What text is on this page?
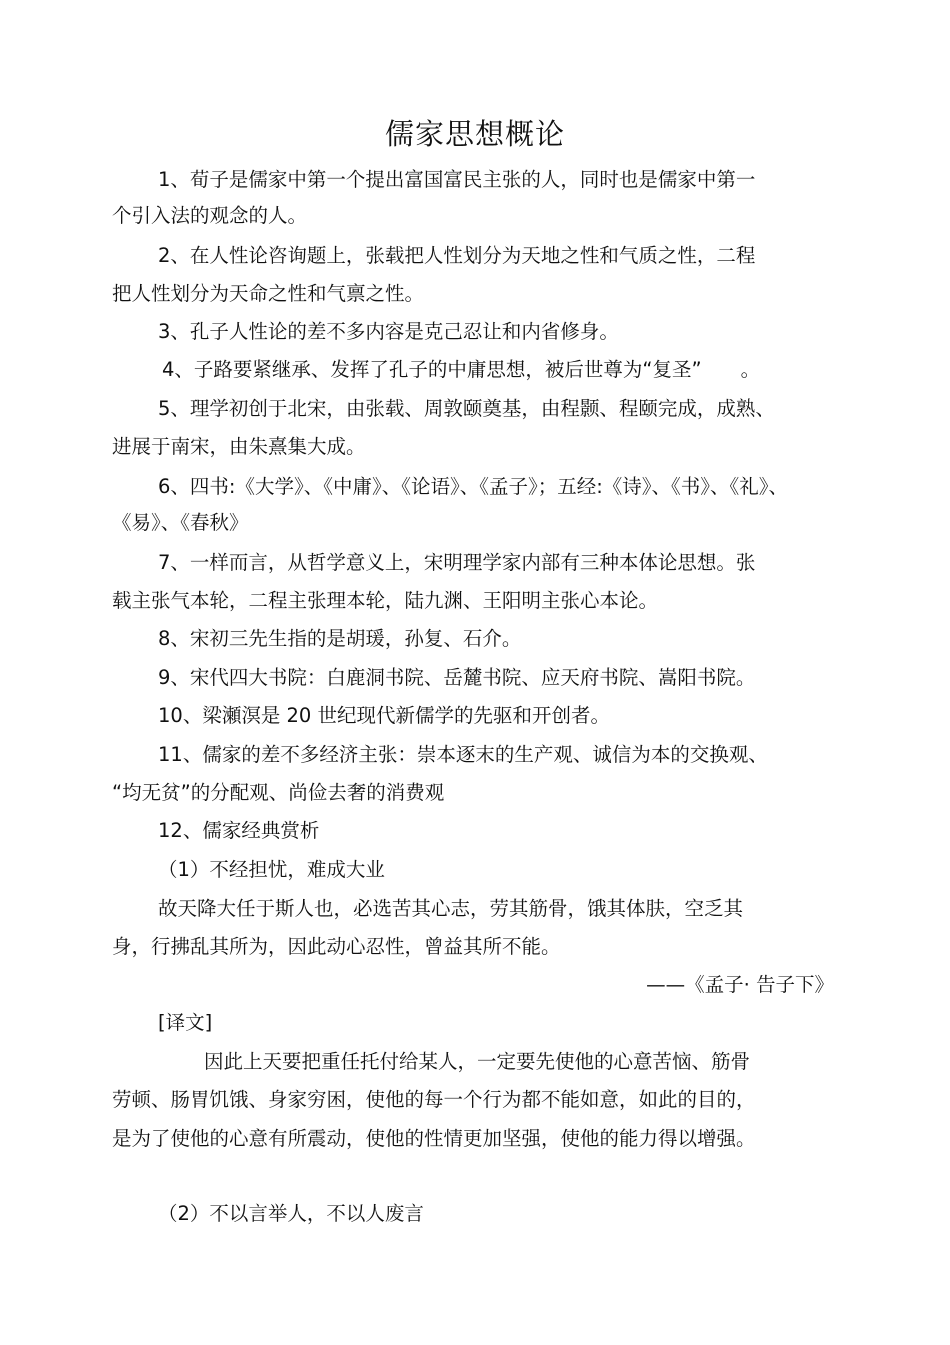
儒家思想概论
1、荀子是儒家中第一个提出富国富民主张的人，同时也是儒家中第一
个引入法的观念的人。
2、在人性论咨询题上，张载把人性划分为天地之性和气质之性，二程
把人性划分为天命之性和气禀之性。
3、孔子人性论的差不多内容是克己忍让和内省修身。
4、子路要紧继承、发挥了孔子的中庸思想，被后世尊为“复圣”　　。
5、理学初创于北宋，由张载、周敦颐奠基，由程颢、程颐完成，成熟、
进展于南宋，由朱熹集大成。
6、四书:《大学》、《中庸》、《论语》、《孟子》；五经:《诗》、《书》、《礼》、
《易》、《春秋》
7、一样而言，从哲学意义上，宋明理学家内部有三种本体论思想。张
载主张气本轮，二程主张理本轮，陆九渊、王阳明主张心本论。
8、宋初三先生指的是胡瑗，孙复、石介。
9、宋代四大书院：白鹿洞书院、岳麓书院、应天府书院、嵩阳书院。
10、梁瀬溟是 20 世纪现代新儒学的先驱和开创者。
11、儒家的差不多经济主张：崇本逐末的生产观、诚信为本的交换观、
“均无贫”的分配观、尚俭去奢的消费观
12、儒家经典赏析
（1）不经担忧，难成大业
故天降大任于斯人也，必选苦其心志，劳其筋骨，饿其体肤，空乏其
身，行拂乱其所为，因此动心忍性，曾益其所不能。
——《孟子· 告子下》
[译文]
因此上天要把重任托付给某人，一定要先使他的心意苦恼、筋骨
劳顿、肠胃饥饿、身家穷困，使他的每一个行为都不能如意，如此的目的，
是为了使他的心意有所震动，使他的性情更加坚强，使他的能力得以增强。
（2）不以言举人，不以人废言
